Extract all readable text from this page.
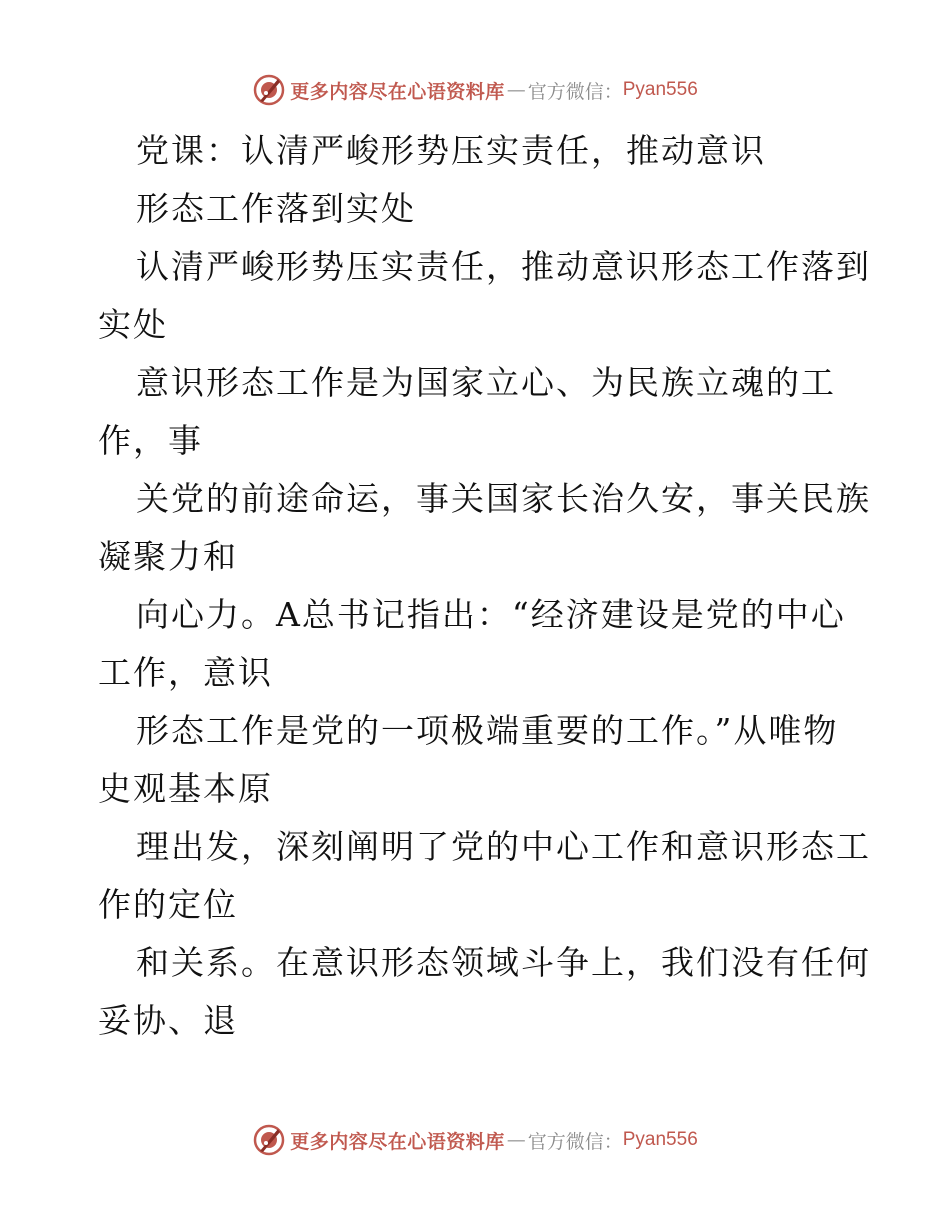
更多内容尽在心语资料库 — 官方微信： Pyan556
党课：认清严峻形势压实责任，推动意识
形态工作落到实处
认清严峻形势压实责任，推动意识形态工作落到
实处
意识形态工作是为国家立心、为民族立魂的工
作，事
关党的前途命运，事关国家长治久安，事关民族
凝聚力和
向心力。A总书记指出：“经济建设是党的中心
工作，意识
形态工作是党的一项极端重要的工作。”从唯物
史观基本原
理出发，深刻阐明了党的中心工作和意识形态工
作的定位
和关系。在意识形态领域斗争上，我们没有任何
妥协、退
更多内容尽在心语资料库 — 官方微信： Pyan556
